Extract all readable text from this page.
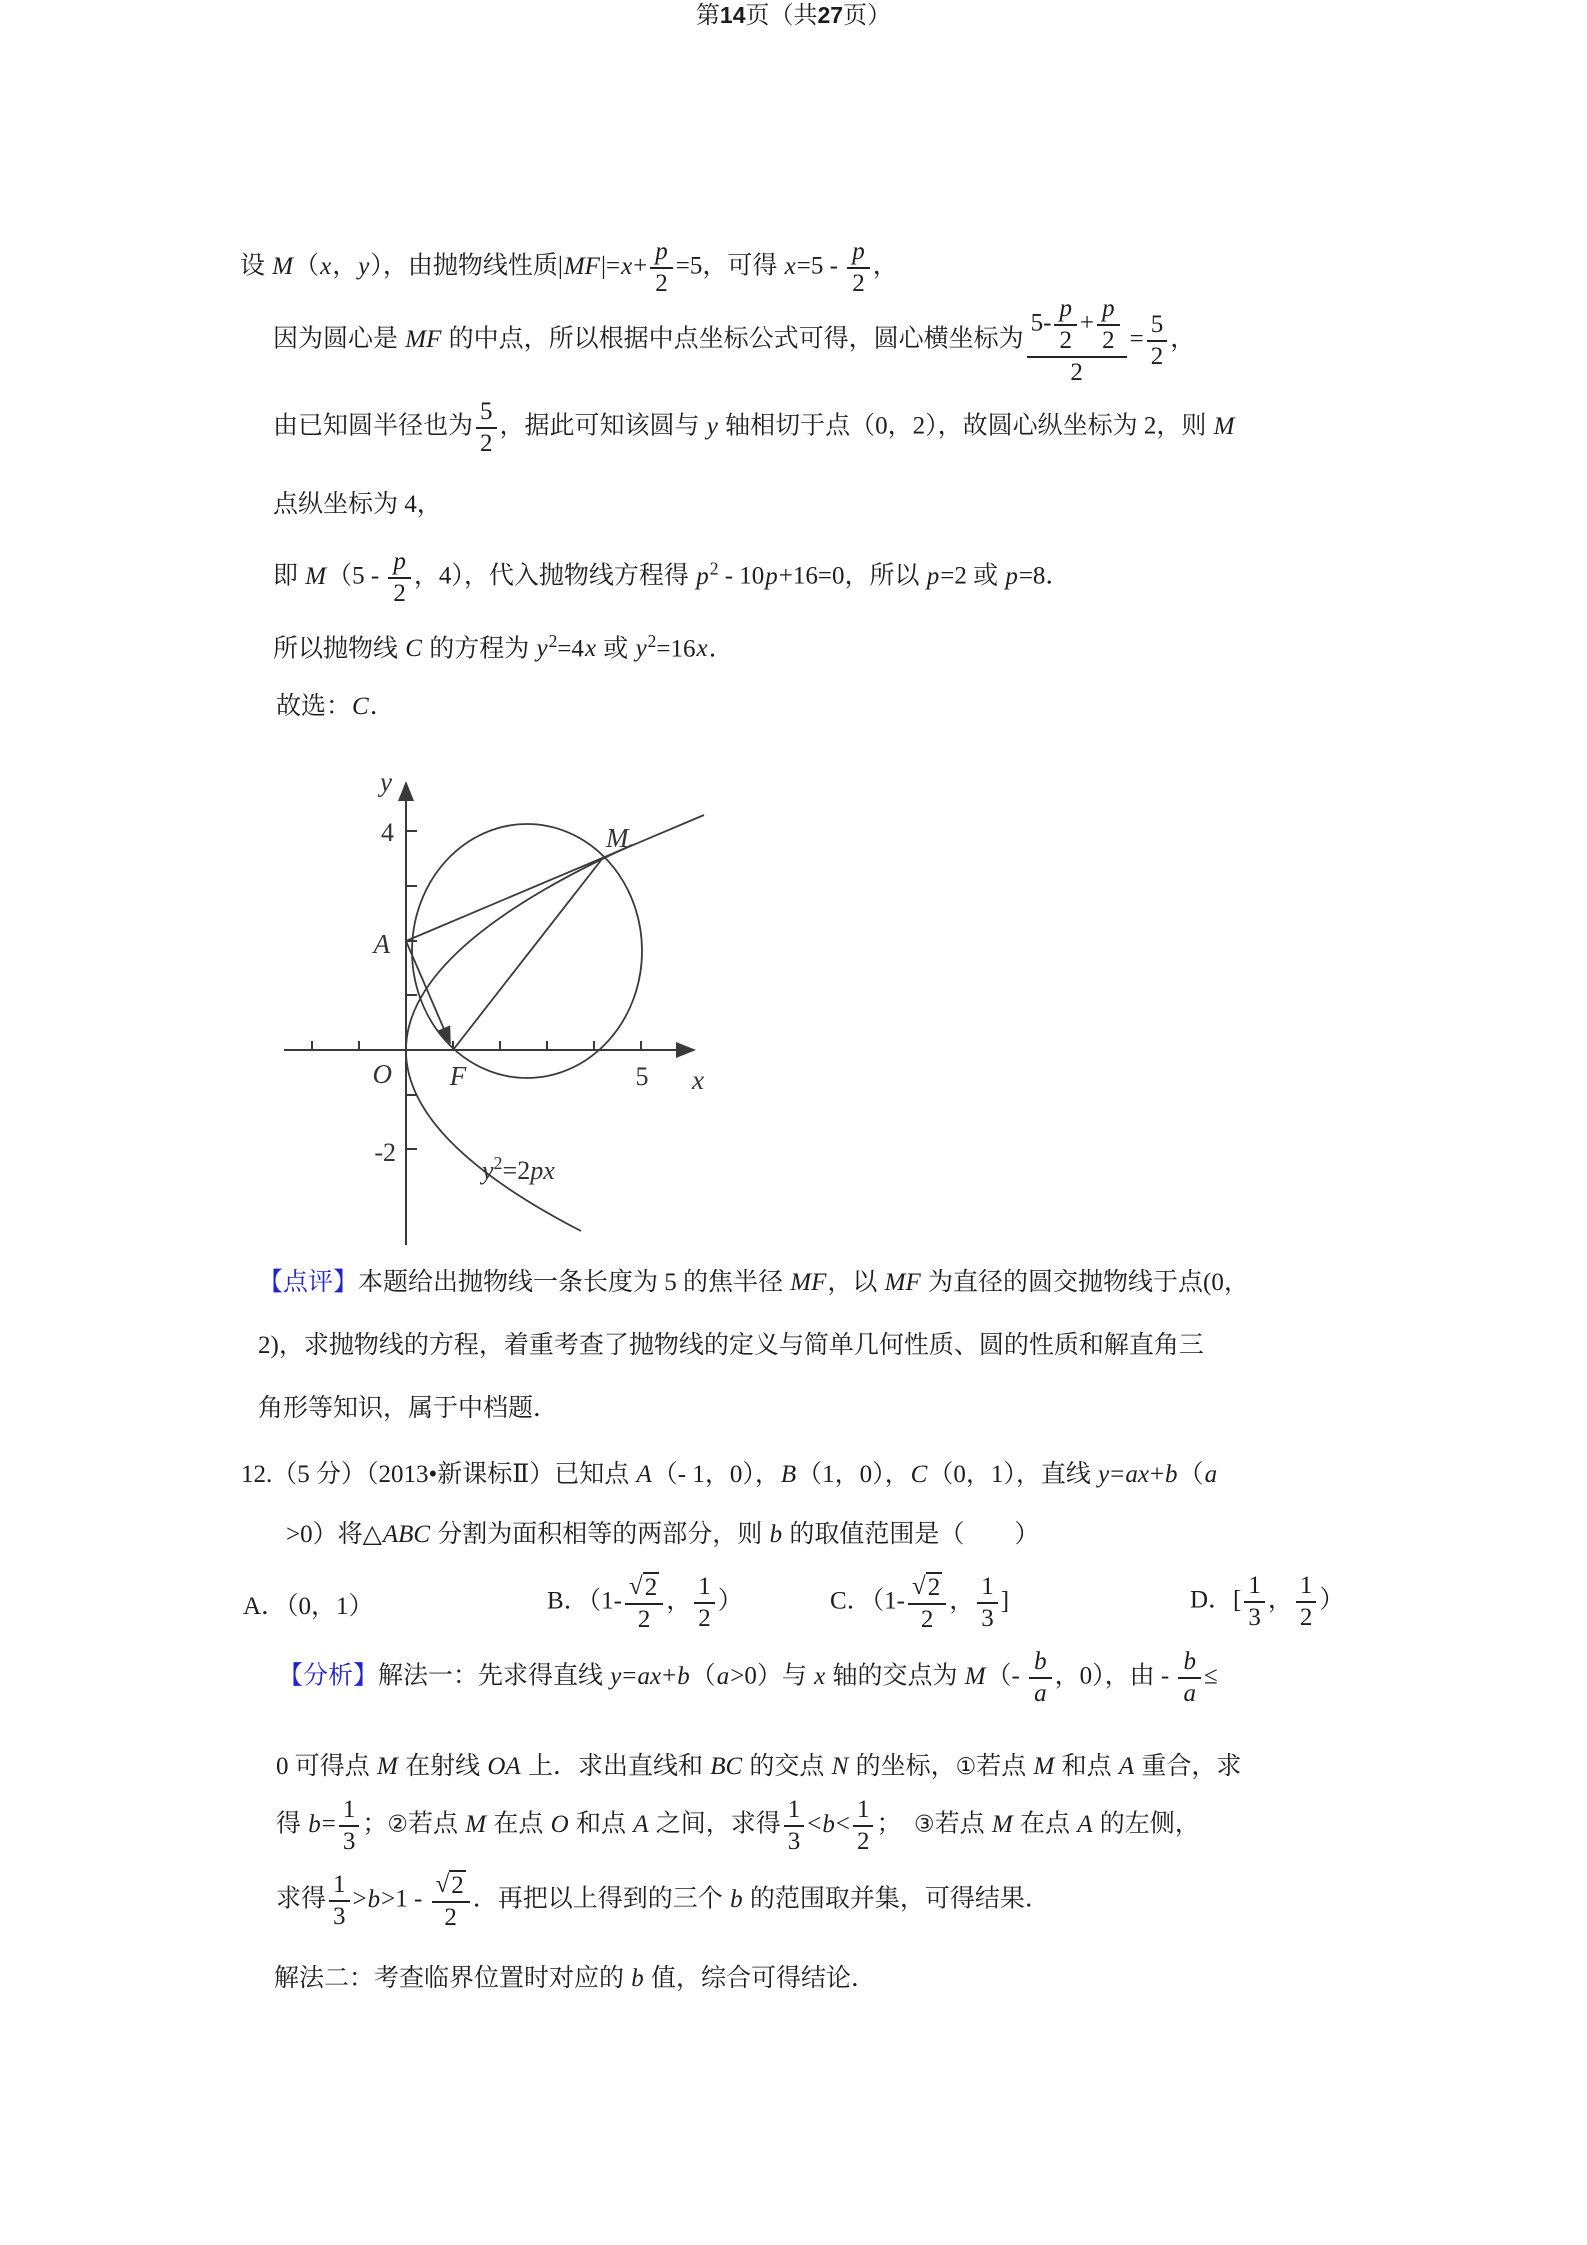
设 M（x，y），由抛物线性质$|MF|=x+ \frac{p}{2} =5$，可得 $x=5 - \frac{p}{2}$ ，

因为圆心是 MF 的中点，所以根据中点坐标公式可得，圆心横坐标为 $\frac{5- \frac{p}{2} + \frac{p}{2}}{2} = \frac{5}{2}$ ，

由已知圆半径也为 $\frac{5}{2}$ ，据此可知该圆与 y 轴相切于点（0，2），故圆心纵坐标为 2，则 M

点纵坐标为 4，

即 $M(5 - \frac{p}{2}$ ，4），代入抛物线方程得 $p^2 - 10p+16=0$，所以 p=2 或 p=8．

所以抛物线 C 的方程为 $y^2=4x$ 或 $y^2=16x$．

故选：C．

y
4
A
O F	5 x
-2
M
$y^2=2px$

【点评】本题给出抛物线一条长度为 5 的焦半径 MF，以 MF 为直径的圆交抛物线于点(0，

2)，求抛物线的方程，着重考查了抛物线的定义与简单几何性质、圆的性质和解直角三

角形等知识，属于中档题．

12.（5 分）（2013•新课标Ⅱ）已知点 A（- 1，0），B（1，0），C（0，1），直线 y=ax+b（a

>0）将△ABC 分割为面积相等的两部分，则 b 的取值范围是（　　）

A．（0，1）	B．（$1- \frac{√2}{2}$ ， $\frac{1}{2}$ ）	C．（$1- \frac{√2}{2}$ ， $\frac{1}{3}$ ]	D．[ $\frac{1}{3}$ ， $\frac{1}{2}$ ）

【分析】解法一：先求得直线 y=ax+b（a>0）与 x 轴的交点为 $M(- \frac{b}{a}$ ，0），由 - $\frac{b}{a}$ ≤

0 可得点 M 在射线 OA 上．求出直线和 BC 的交点 N 的坐标，①若点 M 和点 A 重合，求

得 $b= \frac{1}{3}$ ；②若点 M 在点 O 和点 A 之间，求得 $\frac{1}{3} <b< \frac{1}{2}$ ；　③若点 M 在点 A 的左侧，

求得 $\frac{1}{3} >b>1 - \frac{√2}{2}$ ．再把以上得到的三个 b 的范围取并集，可得结果．

解法二：考查临界位置时对应的 b 值，综合可得结论．

第14页（共27页）
